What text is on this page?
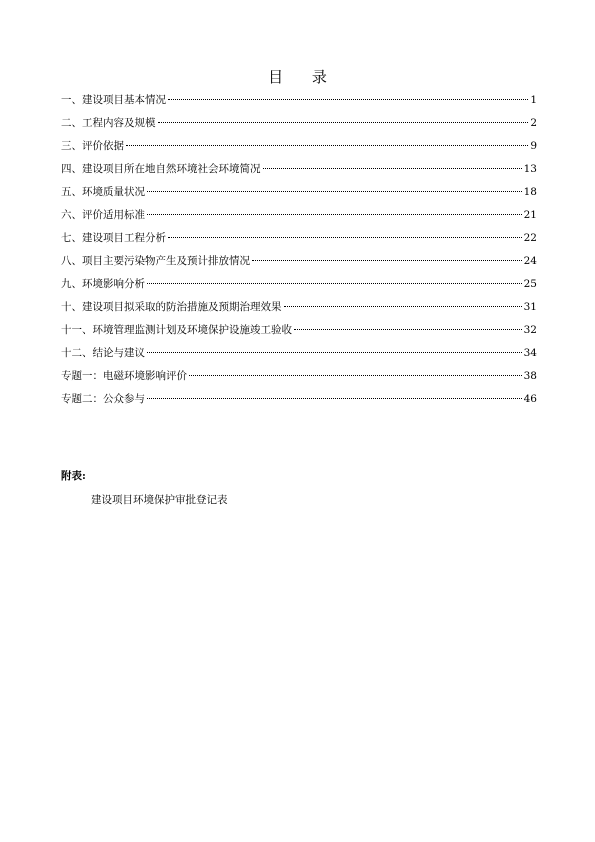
目 录
一、建设项目基本情况	1
二、工程内容及规模	2
三、评价依据	9
四、建设项目所在地自然环境社会环境简况	13
五、环境质量状况	18
六、评价适用标准	21
七、建设项目工程分析	22
八、项目主要污染物产生及预计排放情况	24
九、环境影响分析	25
十、建设项目拟采取的防治措施及预期治理效果	31
十一、环境管理监测计划及环境保护设施竣工验收	32
十二、结论与建议	34
专题一：电磁环境影响评价	38
专题二：公众参与	46
附表:
建设项目环境保护审批登记表
